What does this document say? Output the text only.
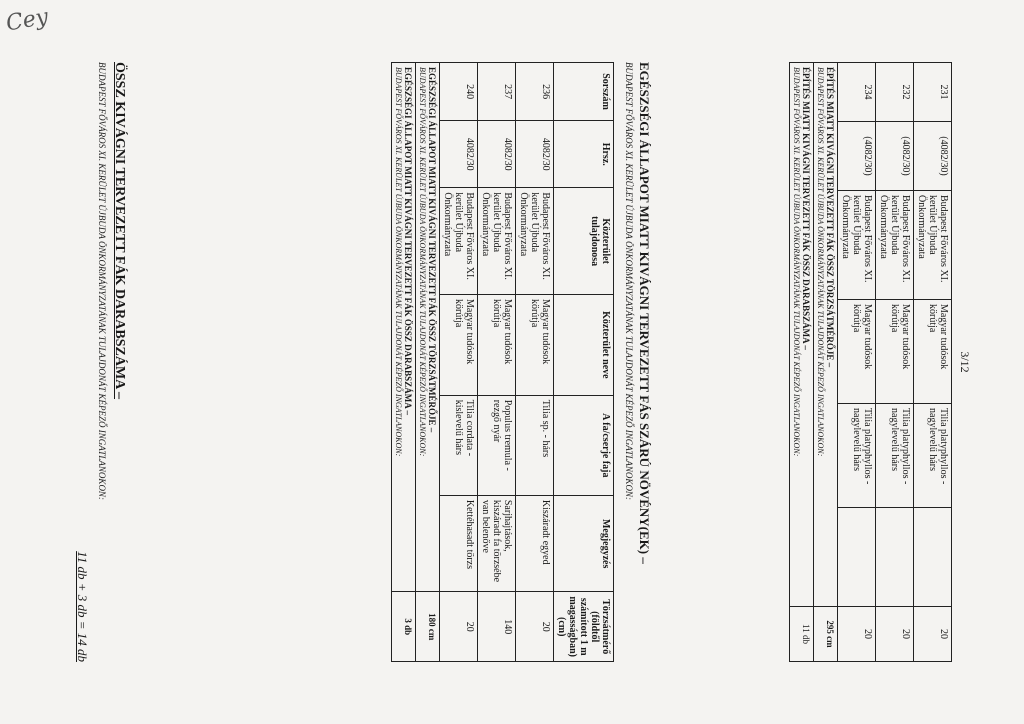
Cey
3/12
231	(4082/30)	Budapest Főváros XI. kerület Újbuda Önkormányzata	Magyar tudósok körútja	Tilia platyphyllos - nagylevelű hárs		20
232	(4082/30)	Budapest Főváros XI. kerület Újbuda Önkormányzata	Magyar tudósok körútja	Tilia platyphyllos - nagylevelű hárs		20
234	(4082/30)	Budapest Főváros XI. kerület Újbuda Önkormányzata	Magyar tudósok körútja	Tilia platyphyllos - nagylevelű hárs		20

ÉPÍTÉS MIATT KIVÁGNI TERVEZETT FÁK ÖSSZ TÖRZSÁTMÉRŐJE –
BUDAPEST FŐVÁROS XI. KERÜLET ÚJBUDA ÖNKORMÁNYZATÁNAK TULAJDONÁT KÉPEZŐ INGATLANOKON:						295 cm

ÉPÍTÉS MIATT KIVÁGNI TERVEZETT FÁK ÖSSZ DARABSZÁMA –
BUDAPEST FŐVÁROS XI. KERÜLET ÚJBUDA ÖNKORMÁNYZATÁNAK TULAJDONÁT KÉPEZŐ INGATLANOKON:						11 db
EGÉSZSÉGI ÁLLAPOT MIATT KIVÁGNI TERVEZETT FÁS SZÁRÚ NÖVÉNY(EK) –
BUDAPEST FŐVÁROS XI. KERÜLET ÚJBUDA ÖNKORMÁNYZATÁNAK TULAJDONÁT KÉPEZŐ INGATLANOKON:
Sorszám	Hrsz.	Közterület tulajdonosa	Közterület neve	A fa/cserje faja	Megjegyzés	Törzsátmérő (földtől számított 1 m magasságban) (cm)
236	4082/30	Budapest Főváros XI. kerület Újbuda Önkormányzata	Magyar tudósok körútja	Tilia sp. - hárs	Kiszáradt egyed	20
237	4082/30	Budapest Főváros XI. kerület Újbuda Önkormányzata	Magyar tudósok körútja	Populus tremula - rezgő nyár	Sarjhajtások, kiszáradt fa törzsébe van belenőve	140
240	4082/30	Budapest Főváros XI. kerület Újbuda Önkormányzata	Magyar tudósok körútja	Tilia cordata - kislevelű hárs	Kettéhasadt törzs	20

EGÉSZSÉGI ÁLLAPOT MIATT KIVÁGNI TERVEZETT FÁK ÖSSZ TÖRZSÁTMÉRŐJE –
BUDAPEST FŐVÁROS XI. KERÜLET ÚJBUDA ÖNKORMÁNYZATÁNAK TULAJDONÁT KÉPEZŐ INGATLANOKON:						180 cm

EGÉSZSÉGI ÁLLAPOT MIATT KIVÁGNI TERVEZETT FÁK ÖSSZ DARABSZÁMA –
BUDAPEST FŐVÁROS XI. KERÜLET ÚJBUDA ÖNKORMÁNYZATÁNAK TULAJDONÁT KÉPEZŐ INGATLANOKON:						3 db
ÖSSZ KIVÁGNI TERVEZETT FÁK DARABSZÁMA –
BUDAPEST FŐVÁROS XI. KERÜLET ÚJBUDA ÖNKORMÁNYZATÁNAK TULAJDONÁT KÉPEZŐ INGATLANOKON:
11 db + 3 db = 14 db
